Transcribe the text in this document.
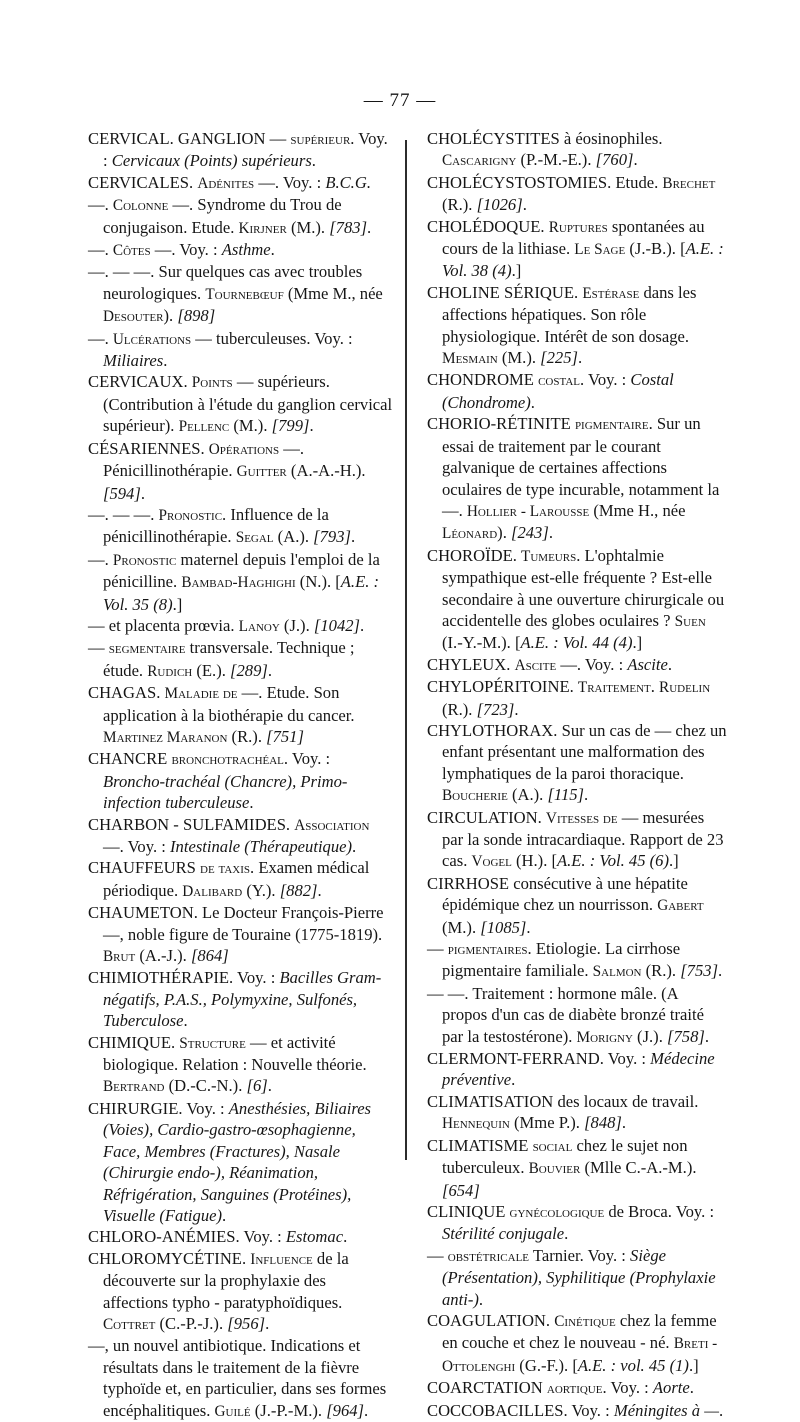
— 77 —

CERVICAL. GANGLION — supérieur. Voy. : Cervicaux (Points) supérieurs.

CERVICALES. Adénites —. Voy. : B.C.G.

—. Colonne —. Syndrome du Trou de conjugaison. Etude. Kirjner (M.). [783].

—. Côtes —. Voy. : Asthme.

—. — —. Sur quelques cas avec troubles neurologiques. Tournebœuf (Mme M., née Desouter). [898]

—. Ulcérations — tuberculeuses. Voy. : Miliaires.

CERVICAUX. Points — supérieurs. (Contribution à l'étude du ganglion cervical supérieur). Pellenc (M.). [799].

CÉSARIENNES. Opérations —. Pénicillinothérapie. Guitter (A.-A.-H.). [594].

—. — —. Pronostic. Influence de la pénicillinothérapie. Segal (A.). [793].

—. Pronostic maternel depuis l'emploi de la pénicilline. Bambad-Haghighi (N.). [A.E. : Vol. 35 (8).]

— et placenta prœvia. Lanoy (J.). [1042].

— segmentaire transversale. Technique ; étude. Rudich (E.). [289].

CHAGAS. Maladie de —. Etude. Son application à la biothérapie du cancer. Martinez Maranon (R.). [751]

CHANCRE bronchotrachéal. Voy. : Broncho-trachéal (Chancre), Primo-infection tuberculeuse.

CHARBON - SULFAMIDES. Association —. Voy. : Intestinale (Thérapeutique).

CHAUFFEURS de taxis. Examen médical périodique. Dalibard (Y.). [882].

CHAUMETON. Le Docteur François-Pierre —, noble figure de Touraine (1775-1819). Brut (A.-J.). [864]

CHIMIOTHÉRAPIE. Voy. : Bacilles Gram-négatifs, P.A.S., Polymyxine, Sulfonés, Tuberculose.

CHIMIQUE. Structure — et activité biologique. Relation : Nouvelle théorie. Bertrand (D.-C.-N.). [6].

CHIRURGIE. Voy. : Anesthésies, Biliaires (Voies), Cardio-gastro-œsophagienne, Face, Membres (Fractures), Nasale (Chirurgie endo-), Réanimation, Réfrigération, Sanguines (Protéines), Visuelle (Fatigue).

CHLORO-ANÉMIES. Voy. : Estomac.

CHLOROMYCÉTINE. Influence de la découverte sur la prophylaxie des affections typho - paratyphoïdiques. Cottret (C.-P.-J.). [956].

—, un nouvel antibiotique. Indications et résultats dans le traitement de la fièvre typhoïde et, en particulier, dans ses formes encéphalitiques. Guilé (J.-P.-M.). [964].

CHOLÉCYSTITES à éosinophiles. Cascarigny (P.-M.-E.). [760].

CHOLÉCYSTOSTOMIES. Etude. Brechet (R.). [1026].

CHOLÉDOQUE. Ruptures spontanées au cours de la lithiase. Le Sage (J.-B.). [A.E. : Vol. 38 (4).]

CHOLINE SÉRIQUE. Estérase dans les affections hépatiques. Son rôle physiologique. Intérêt de son dosage. Mesmain (M.). [225].

CHONDROME costal. Voy. : Costal (Chondrome).

CHORIO-RÉTINITE pigmentaire. Sur un essai de traitement par le courant galvanique de certaines affections oculaires de type incurable, notamment la —. Hollier - Larousse (Mme H., née Léonard). [243].

CHOROÏDE. Tumeurs. L'ophtalmie sympathique est-elle fréquente ? Est-elle secondaire à une ouverture chirurgicale ou accidentelle des globes oculaires ? Suen (I.-Y.-M.). [A.E. : Vol. 44 (4).]

CHYLEUX. Ascite —. Voy. : Ascite.

CHYLOPÉRITOINE. Traitement. Rudelin (R.). [723].

CHYLOTHORAX. Sur un cas de — chez un enfant présentant une malformation des lymphatiques de la paroi thoracique. Boucherie (A.). [115].

CIRCULATION. Vitesses de — mesurées par la sonde intracardiaque. Rapport de 23 cas. Vogel (H.). [A.E. : Vol. 45 (6).]

CIRRHOSE consécutive à une hépatite épidémique chez un nourrisson. Gabert (M.). [1085].

— pigmentaires. Etiologie. La cirrhose pigmentaire familiale. Salmon (R.). [753].

— —. Traitement : hormone mâle. (A propos d'un cas de diabète bronzé traité par la testostérone). Morigny (J.). [758].

CLERMONT-FERRAND. Voy. : Médecine préventive.

CLIMATISATION des locaux de travail. Hennequin (Mme P.). [848].

CLIMATISME social chez le sujet non tuberculeux. Bouvier (Mlle C.-A.-M.). [654]

CLINIQUE gynécologique de Broca. Voy. : Stérilité conjugale.

— obstétricale Tarnier. Voy. : Siège (Présentation), Syphilitique (Prophylaxie anti-).

COAGULATION. Cinétique chez la femme en couche et chez le nouveau - né. Breti - Ottolenghi (G.-F.). [A.E. : vol. 45 (1).]

COARCTATION aortique. Voy. : Aorte.

COCCOBACILLES. Voy. : Méningites à —.
